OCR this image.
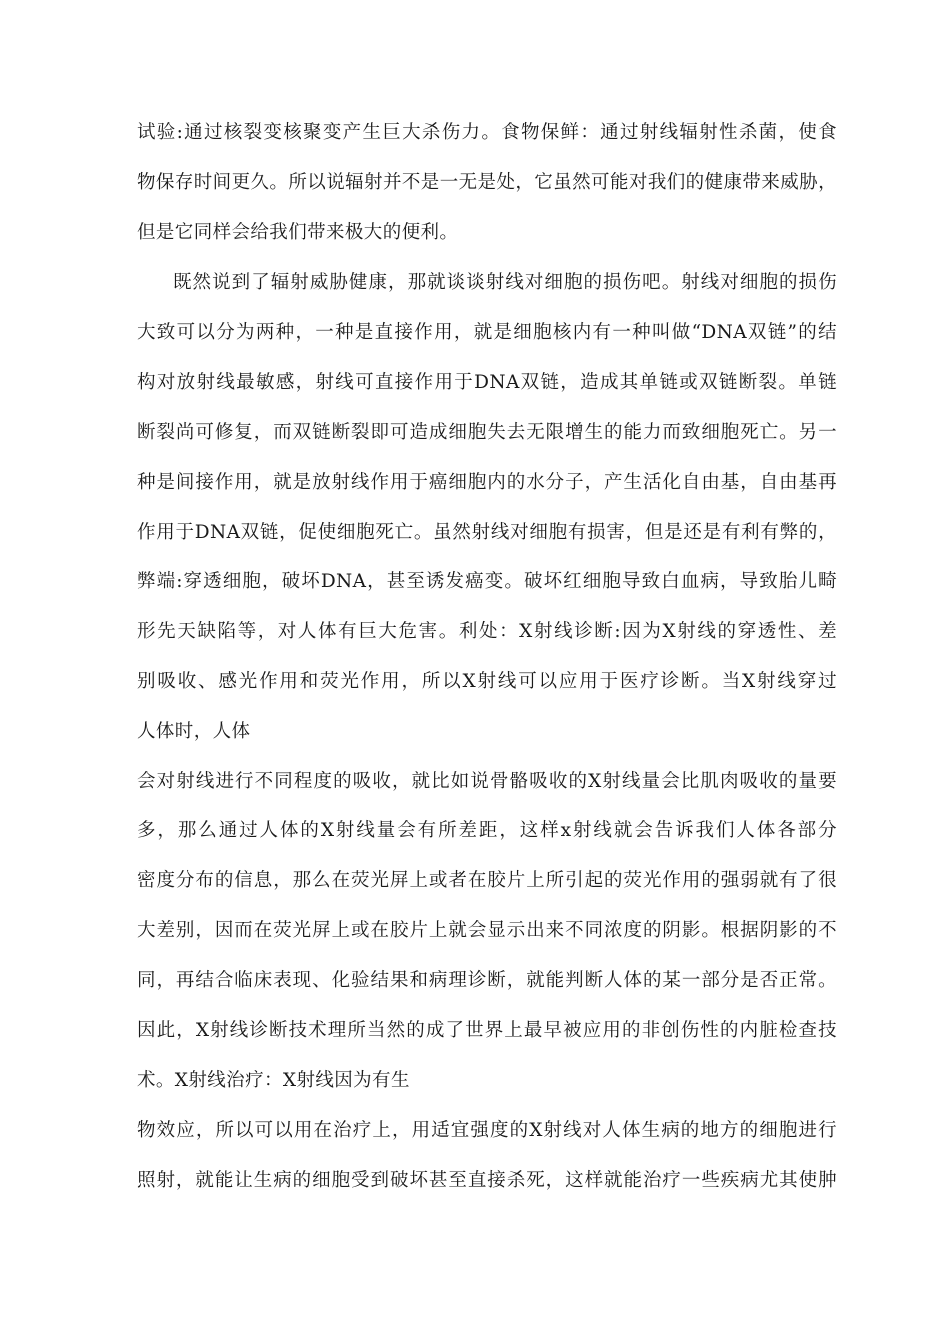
试验:通过核裂变核聚变产生巨大杀伤力。食物保鲜：通过射线辐射性杀菌，使食
物保存时间更久。所以说辐射并不是一无是处，它虽然可能对我们的健康带来威胁，
但是它同样会给我们带来极大的便利。
既然说到了辐射威胁健康，那就谈谈射线对细胞的损伤吧。射线对细胞的损伤
大致可以分为两种，一种是直接作用，就是细胞核内有一种叫做“DNA双链”的结
构对放射线最敏感，射线可直接作用于DNA双链，造成其单链或双链断裂。单链
断裂尚可修复，而双链断裂即可造成细胞失去无限增生的能力而致细胞死亡。另一
种是间接作用，就是放射线作用于癌细胞内的水分子，产生活化自由基，自由基再
作用于DNA双链，促使细胞死亡。虽然射线对细胞有损害，但是还是有利有弊的，
弊端:穿透细胞，破坏DNA，甚至诱发癌变。破坏红细胞导致白血病，导致胎儿畸
形先天缺陷等，对人体有巨大危害。利处：X射线诊断:因为X射线的穿透性、差
别吸收、感光作用和荧光作用，所以X射线可以应用于医疗诊断。当X射线穿过
人体时，人体
会对射线进行不同程度的吸收，就比如说骨骼吸收的X射线量会比肌肉吸收的量要
多，那么通过人体的X射线量会有所差距，这样x射线就会告诉我们人体各部分
密度分布的信息，那么在荧光屏上或者在胶片上所引起的荧光作用的强弱就有了很
大差别，因而在荧光屏上或在胶片上就会显示出来不同浓度的阴影。根据阴影的不
同，再结合临床表现、化验结果和病理诊断，就能判断人体的某一部分是否正常。
因此，X射线诊断技术理所当然的成了世界上最早被应用的非创伤性的内脏检查技
术。X射线治疗：X射线因为有生
物效应，所以可以用在治疗上，用适宜强度的X射线对人体生病的地方的细胞进行
照射，就能让生病的细胞受到破坏甚至直接杀死，这样就能治疗一些疾病尤其使肿
